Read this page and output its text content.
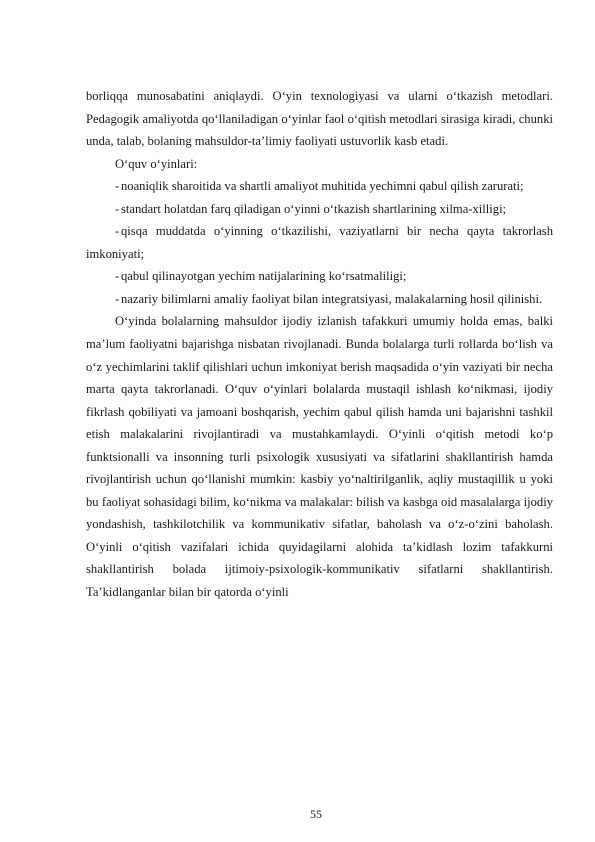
borliqqa munosabatini aniqlaydi. O‘yin texnologiyasi va ularni o‘tkazish metodlari. Pedagogik amaliyotda qo‘llaniladigan o‘yinlar faol o‘qitish metodlari sirasiga kiradi, chunki unda, talab, bolaning mahsuldor-ta’limiy faoliyati ustuvorlik kasb etadi.

O‘quv o‘yinlari:

- noaniqlik sharoitida va shartli amaliyot muhitida yechimni qabul qilish zarurati;

- standart holatdan farq qiladigan o‘yinni o‘tkazish shartlarining xilma-xilligi;

- qisqa muddatda o‘yinning o‘tkazilishi, vaziyatlarni bir necha qayta takrorlash imkoniyati;

- qabul qilinayotgan yechim natijalarining ko‘rsatmaliligi;

- nazariy bilimlarni amaliy faoliyat bilan integratsiyasi, malakalarning hosil qilinishi.

O‘yinda bolalarning mahsuldor ijodiy izlanish tafakkuri umumiy holda emas, balki ma’lum faoliyatni bajarishga nisbatan rivojlanadi. Bunda bolalarga turli rollarda bo‘lish va o‘z yechimlarini taklif qilishlari uchun imkoniyat berish maqsadida o‘yin vaziyati bir necha marta qayta takrorlanadi. O‘quv o‘yinlari bolalarda mustaqil ishlash ko‘nikmasi, ijodiy fikrlash qobiliyati va jamoani boshqarish, yechim qabul qilish hamda uni bajarishni tashkil etish malakalarini rivojlantiradi va mustahkamlaydi. O‘yinli o‘qitish metodi ko‘p funktsionalli va insonning turli psixologik xususiyati va sifatlarini shakllantirish hamda rivojlantirish uchun qo‘llanishi mumkin: kasbiy yo‘naltirilganlik, aqliy mustaqillik u yoki bu faoliyat sohasidagi bilim, ko‘nikma va malakalar: bilish va kasbga oid masalalarga ijodiy yondashish, tashkilotchilik va kommunikativ sifatlar, baholash va o‘z-o‘zini baholash. O‘yinli o‘qitish vazifalari ichida quyidagilarni alohida ta’kidlash lozim tafakkurni shakllantirish bolada ijtimoiy-psixologik-kommunikativ sifatlarni shakllantirish. Ta’kidlanganlar bilan bir qatorda o‘yinli

55
